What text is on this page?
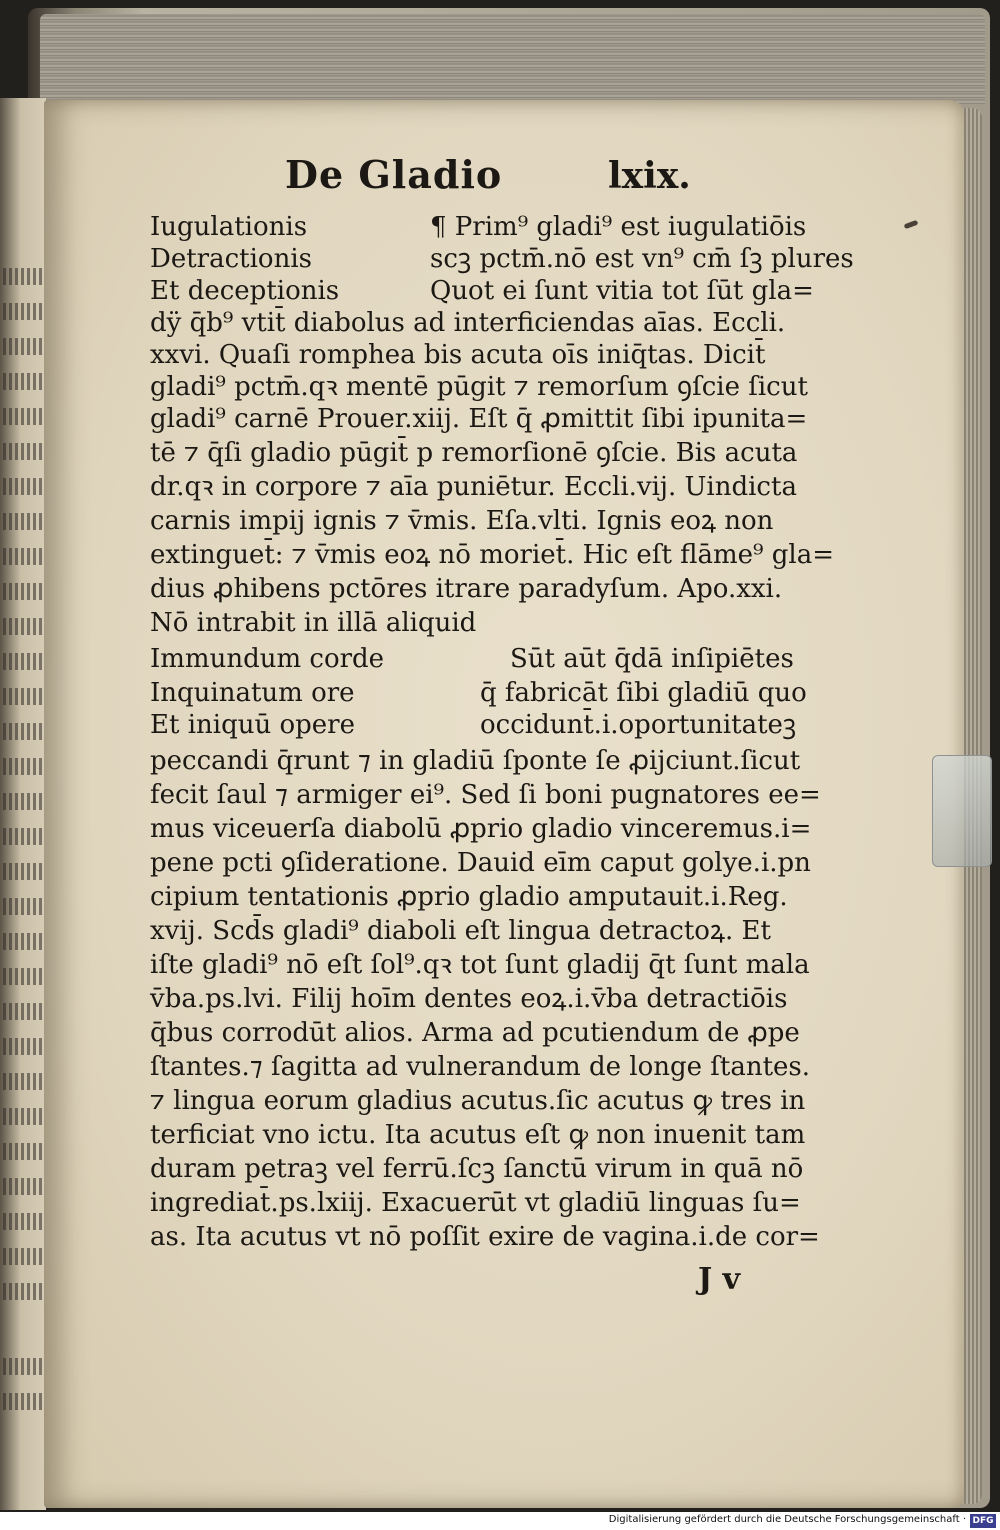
De Gladio	lxix.
Iugulationis	¶ Prim⁹ gladi⁹ est iugulatiōis
Detractionis	scꝫ pctm̄.nō est vn⁹ cm̄ ſꝫ plures
Et deceptionis	Quot ei ſunt vitia tot ſūt gla=
dÿ q̄b⁹ vtit̄ diabolus ad interficiendas aīas. Eccli.
xxvi. Quaſi romphea bis acuta oīs iniq̄tas. Dicit̄
gladi⁹ pctm̄.qꝛ mentē pūgit ⁊ remorſum ꝯſcie ſicut
gladi⁹ carnē Prouer.xiij. Eſt q̄ ꝓmittit ſibi ipunita=
tē ⁊ q̄ſi gladio pūgit̄ p remorſionē ꝯſcie. Bis acuta
dr.qꝛ in corpore ⁊ aīa puniētur. Eccli.vij. Uindicta
carnis impij ignis ⁊ v̄mis. Eſa.vlti. Ignis eoꝝ non
extinguet̄: ⁊ v̄mis eoꝝ nō moriet̄. Hic eſt flāme⁹ gla=
dius ꝓhibens pctōres itrare paradyſum. Apo.xxi.
Nō intrabit in illā aliquid
Immundum corde	Sūt aūt q̄dā inſipiētes
Inquinatum ore	q̄ fabricāt ſibi gladiū quo
Et iniquū opere	occidunt̄.i.oportunitateꝫ
peccandi q̄runt ⁊ in gladiū ſponte ſe ꝓijciunt.ſicut
fecit ſaul ⁊ armiger ei⁹. Sed ſi boni pugnatores ee=
mus viceuerſa diabolū ꝓprio gladio vinceremus.i=
pene pcti ꝯſideratione. Dauid eīm caput golye.i.pn
cipium tentationis ꝓprio gladio amputauit.i.Reg.
xvij. Scd̄s gladi⁹ diaboli eſt lingua detractoꝝ. Et
iſte gladi⁹ nō eſt ſol⁹.qꝛ tot ſunt gladij q̄t ſunt mala
v̄ba.ps.lvi. Filij hoīm dentes eoꝝ.i.v̄ba detractiōis
q̄bus corrodūt alios. Arma ad pcutiendum de ꝓpe
ſtantes.⁊ ſagitta ad vulnerandum de longe ſtantes.
⁊ lingua eorum gladius acutus.ſic acutus ꝙ tres in
terficiat vno ictu. Ita acutus eſt ꝙ non inuenit tam
duram petraꝫ vel ferrū.ſcꝫ ſanctū virum in quā nō
ingrediat̄.ps.lxiij. Exacuerūt vt gladiū linguas ſu=
as. Ita acutus vt nō poſſit exire de vagina.i.de cor=
J v
Digitalisierung gefördert durch die Deutsche Forschungsgemeinschaft · DFG
